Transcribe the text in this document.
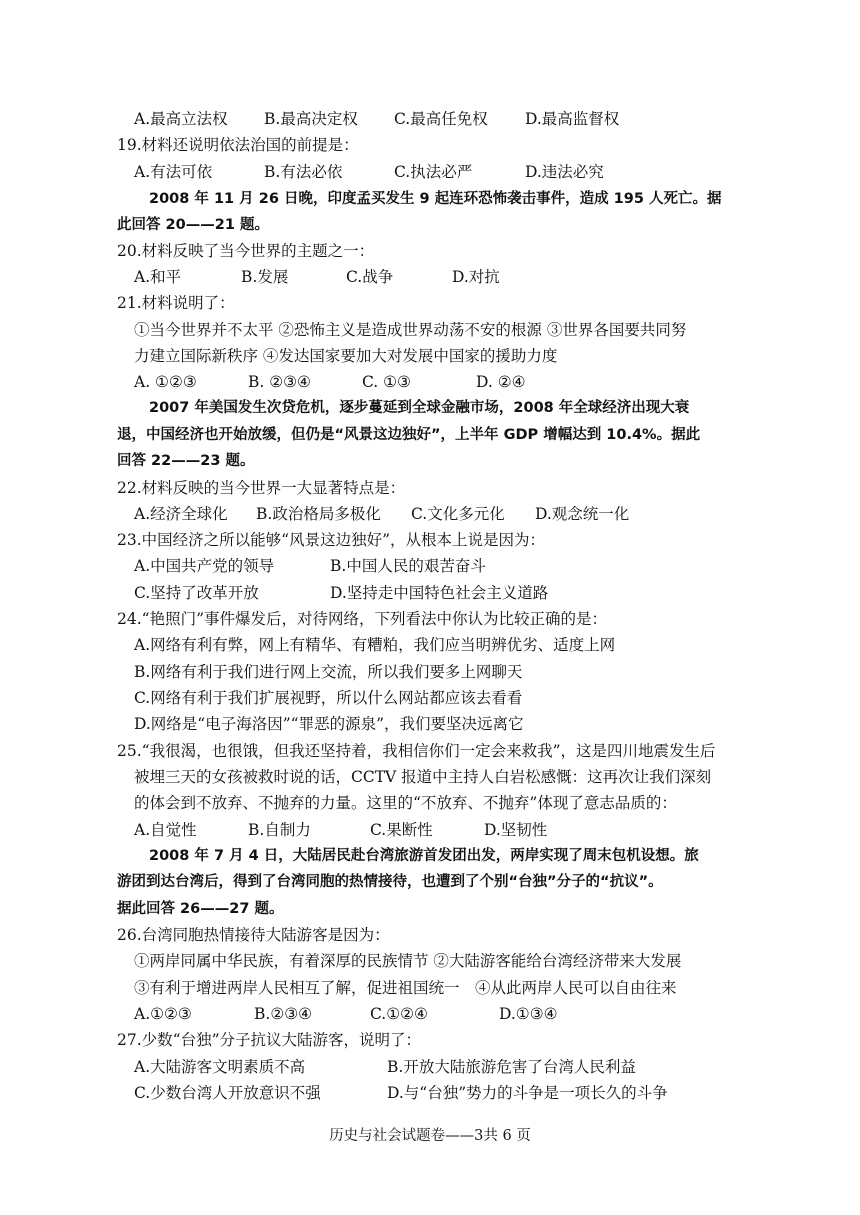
A.最高立法权 B.最高决定权 C.最高任免权 D.最高监督权
19.材料还说明依法治国的前提是：
A.有法可依	B.有法必依	C.执法必严	D.违法必究
2008 年 11 月 26 日晚，印度孟买发生 9 起连环恐怖袭击事件，造成 195 人死亡。据
此回答 20——21 题。
20.材料反映了当今世界的主题之一：
A.和平	B.发展	C.战争	D.对抗
21.材料说明了：
①当今世界并不太平 ②恐怖主义是造成世界动荡不安的根源 ③世界各国要共同努
力建立国际新秩序 ④发达国家要加大对发展中国家的援助力度
A. ①②③	B. ②③④	C. ①③	D. ②④
2007 年美国发生次贷危机，逐步蔓延到全球金融市场，2008 年全球经济出现大衰
退，中国经济也开始放缓，但仍是“风景这边独好”，上半年 GDP 增幅达到 10.4%。据此
回答 22——23 题。
22.材料反映的当今世界一大显著特点是：
A.经济全球化 B.政治格局多极化 C.文化多元化 D.观念统一化
23.中国经济之所以能够“风景这边独好”，从根本上说是因为：
A.中国共产党的领导	B.中国人民的艰苦奋斗
C.坚持了改革开放	D.坚持走中国特色社会主义道路
24.“艳照门”事件爆发后，对待网络，下列看法中你认为比较正确的是：
A.网络有利有弊，网上有精华、有糟粕，我们应当明辨优劣、适度上网
B.网络有利于我们进行网上交流，所以我们要多上网聊天
C.网络有利于我们扩展视野，所以什么网站都应该去看看
D.网络是“电子海洛因”“罪恶的源泉”，我们要坚决远离它
25.“我很渴，也很饿，但我还坚持着，我相信你们一定会来救我”，这是四川地震发生后
被埋三天的女孩被救时说的话，CCTV 报道中主持人白岩松感慨：这再次让我们深刻
的体会到不放弃、不抛弃的力量。这里的“不放弃、不抛弃”体现了意志品质的：
A.自觉性	B.自制力	C.果断性	D.坚韧性
2008 年 7 月 4 日，大陆居民赴台湾旅游首发团出发，两岸实现了周末包机设想。旅
游团到达台湾后，得到了台湾同胞的热情接待，也遭到了个别“台独”分子的“抗议”。
据此回答 26——27 题。
26.台湾同胞热情接待大陆游客是因为：
①两岸同属中华民族，有着深厚的民族情节 ②大陆游客能给台湾经济带来大发展
③有利于增进两岸人民相互了解，促进祖国统一　④从此两岸人民可以自由往来
A.①②③	B.②③④	C.①②④	D.①③④
27.少数“台独”分子抗议大陆游客，说明了：
A.大陆游客文明素质不高	B.开放大陆旅游危害了台湾人民利益
C.少数台湾人开放意识不强	D.与“台独”势力的斗争是一项长久的斗争
历史与社会试题卷——3共 6 页
